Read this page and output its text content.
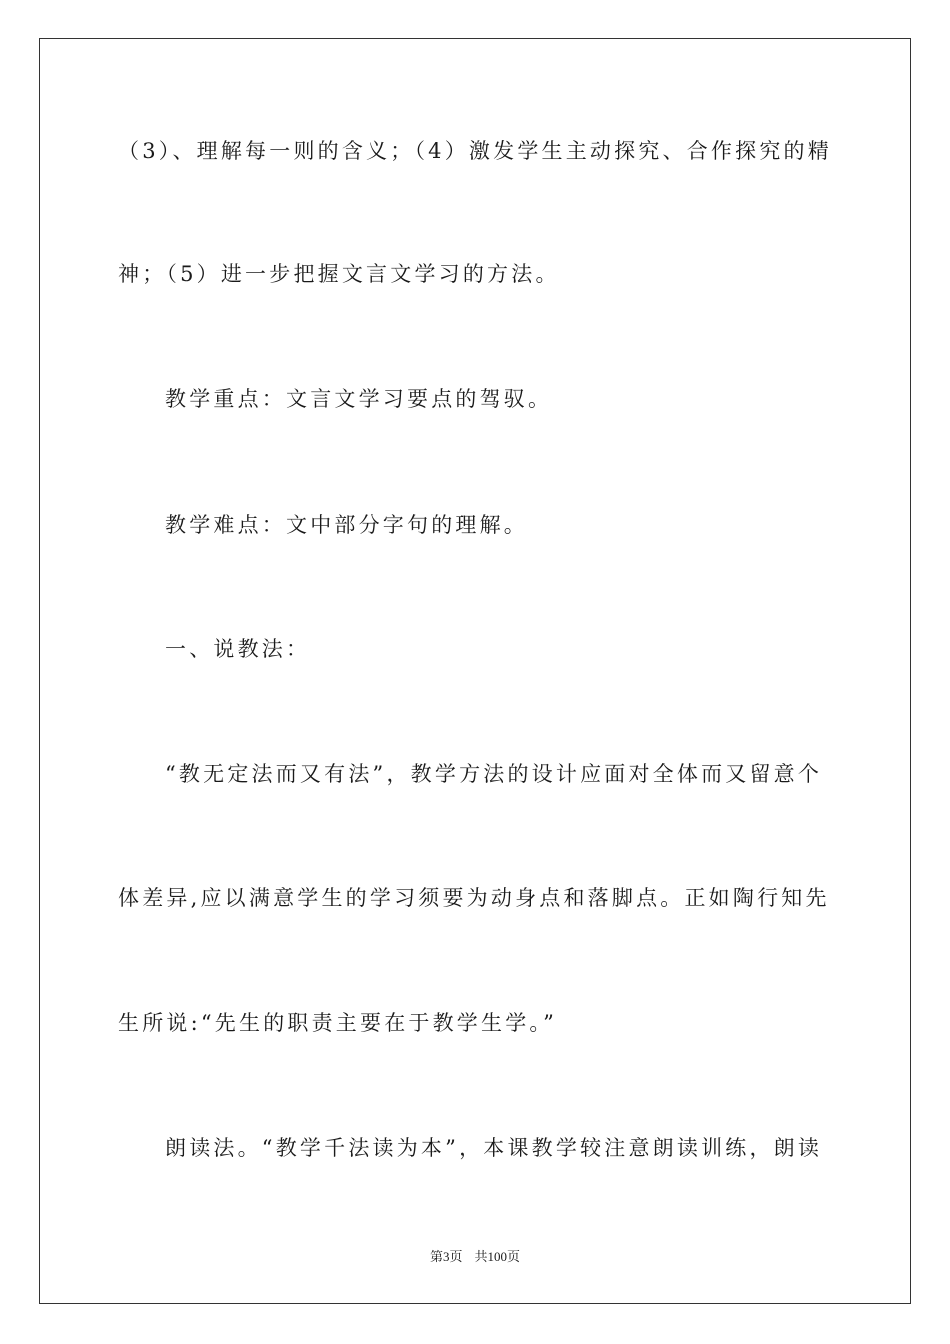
（3）、理解每一则的含义；（4）激发学生主动探究、合作探究的精
神；（5）进一步把握文言文学习的方法。
教学重点：文言文学习要点的驾驭。
教学难点：文中部分字句的理解。
一、说教法：
“教无定法而又有法”，教学方法的设计应面对全体而又留意个
体差异,应以满意学生的学习须要为动身点和落脚点。正如陶行知先
生所说:“先生的职责主要在于教学生学。”
朗读法。“教学千法读为本”，本课教学较注意朗读训练，朗读
第3页 共100页
